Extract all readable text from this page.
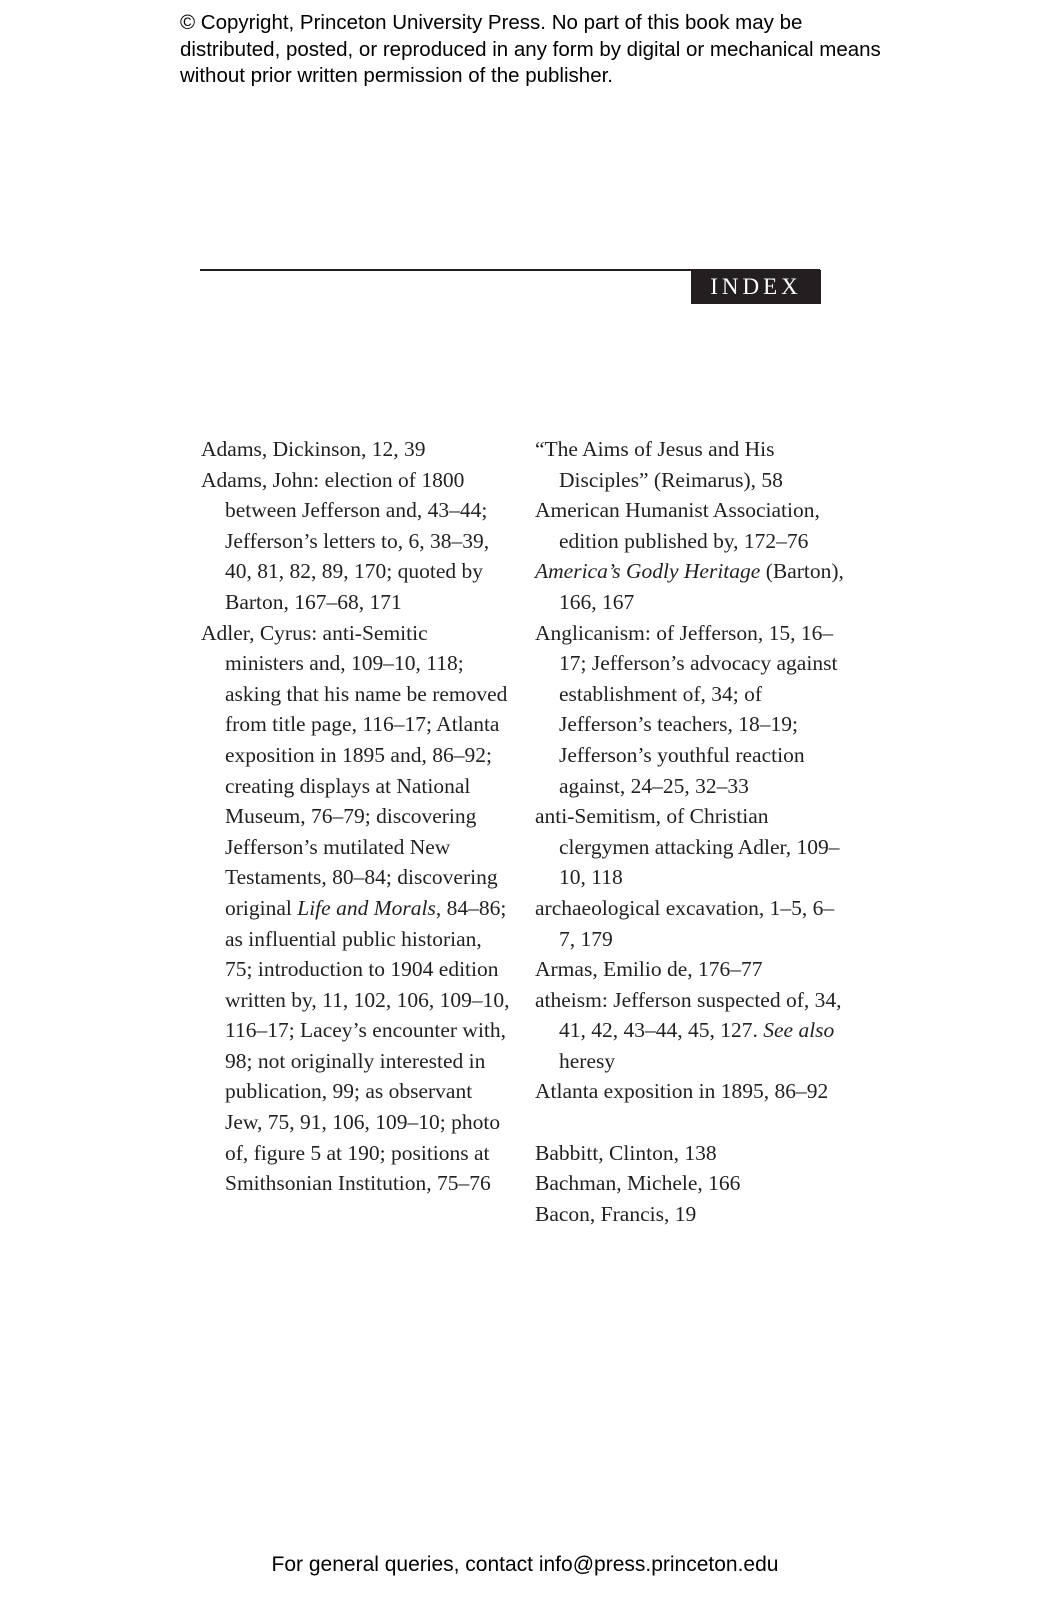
© Copyright, Princeton University Press. No part of this book may be distributed, posted, or reproduced in any form by digital or mechanical means without prior written permission of the publisher.

INDEX

Adams, Dickinson, 12, 39

Adams, John: election of 1800 between Jefferson and, 43–44; Jefferson’s letters to, 6, 38–39, 40, 81, 82, 89, 170; quoted by Barton, 167–68, 171

Adler, Cyrus: anti-Semitic ministers and, 109–10, 118; asking that his name be removed from title page, 116–17; Atlanta exposition in 1895 and, 86–92; creating displays at National Museum, 76–79; discovering Jefferson’s mutilated New Testaments, 80–84; discovering original Life and Morals, 84–86; as influential public historian, 75; introduction to 1904 edition written by, 11, 102, 106, 109–10, 116–17; Lacey’s encounter with, 98; not originally interested in publication, 99; as observant Jew, 75, 91, 106, 109–10; photo of, figure 5 at 190; positions at Smithsonian Institution, 75–76

“The Aims of Jesus and His Disciples” (Reimarus), 58

American Humanist Association, edition published by, 172–76

America’s Godly Heritage (Barton), 166, 167

Anglicanism: of Jefferson, 15, 16–17; Jefferson’s advocacy against establishment of, 34; of Jefferson’s teachers, 18–19; Jefferson’s youthful reaction against, 24–25, 32–33

anti-Semitism, of Christian clergymen attacking Adler, 109–10, 118

archaeological excavation, 1–5, 6–7, 179

Armas, Emilio de, 176–77

atheism: Jefferson suspected of, 34, 41, 42, 43–44, 45, 127. See also heresy

Atlanta exposition in 1895, 86–92

Babbitt, Clinton, 138

Bachman, Michele, 166

Bacon, Francis, 19

For general queries, contact info@press.princeton.edu
